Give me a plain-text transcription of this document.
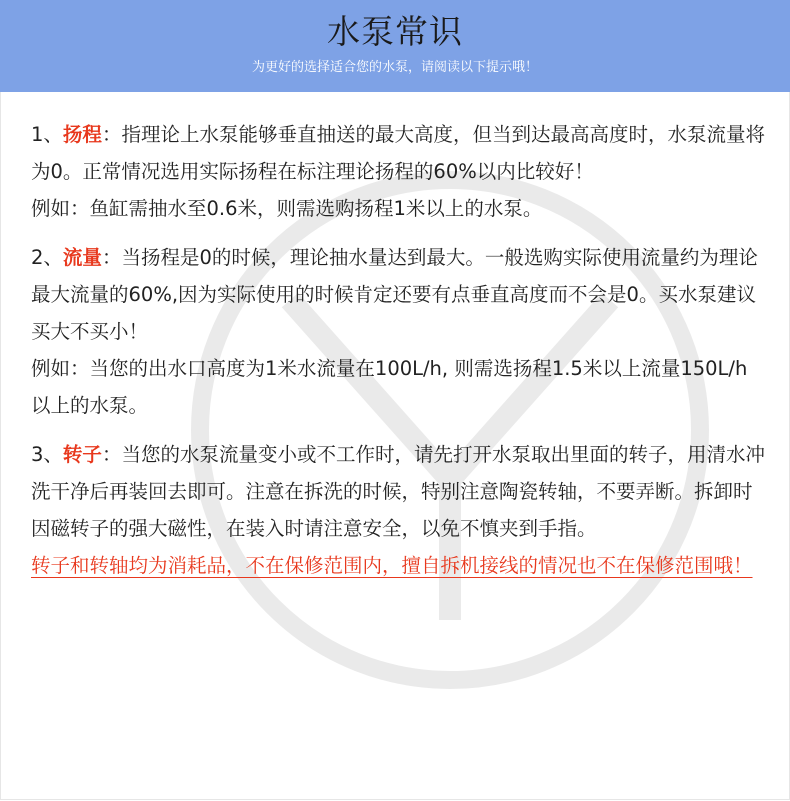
水泵常识
为更好的选择适合您的水泵，请阅读以下提示哦！

1、扬程：指理论上水泵能够垂直抽送的最大高度，但当到达最高高度时，水泵流量将为0。正常情况选用实际扬程在标注理论扬程的60%以内比较好！

例如：鱼缸需抽水至0.6米，则需选购扬程1米以上的水泵。

2、流量：当扬程是0的时候，理论抽水量达到最大。一般选购实际使用流量约为理论最大流量的60%,因为实际使用的时候肯定还要有点垂直高度而不会是0。买水泵建议买大不买小！

例如：当您的出水口高度为1米水流量在100L/h, 则需选扬程1.5米以上流量150L/h以上的水泵。

3、转子：当您的水泵流量变小或不工作时，请先打开水泵取出里面的转子，用清水冲洗干净后再装回去即可。注意在拆洗的时候，特别注意陶瓷转轴，不要弄断。拆卸时因磁转子的强大磁性，在装入时请注意安全，以免不慎夹到手指。

转子和转轴均为消耗品，不在保修范围内，擅自拆机接线的情况也不在保修范围哦！
